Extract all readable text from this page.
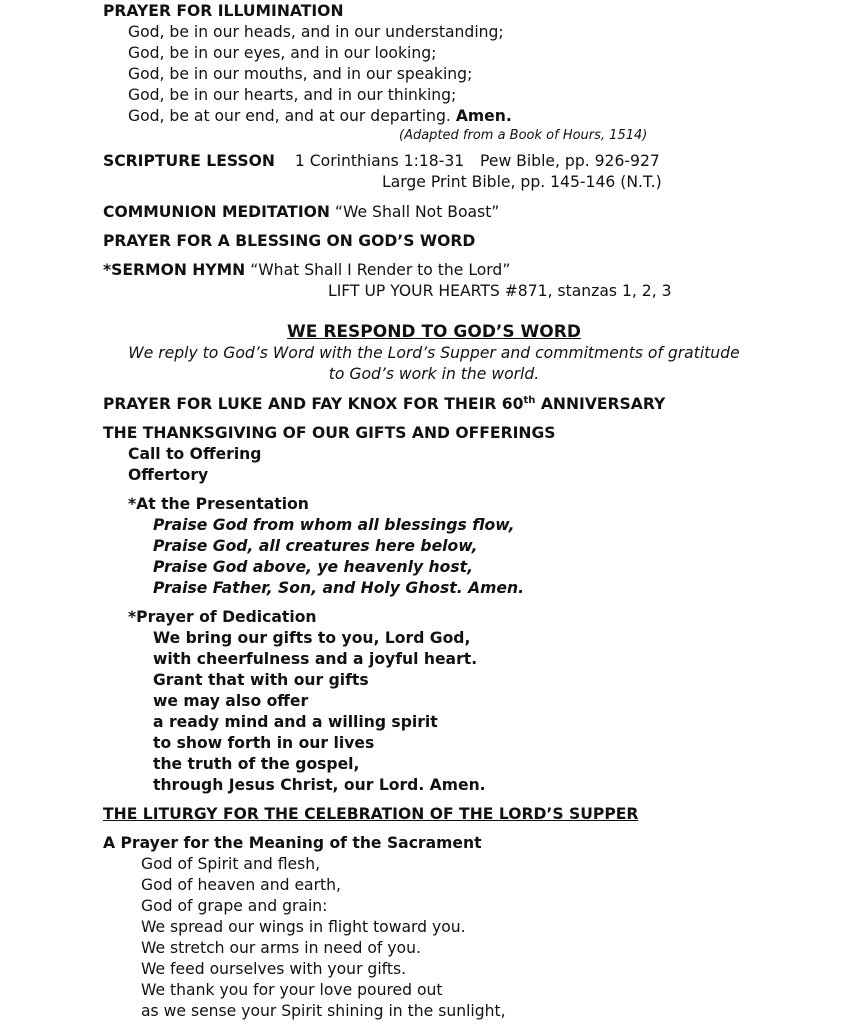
PRAYER FOR ILLUMINATION
God, be in our heads, and in our understanding;
God, be in our eyes, and in our looking;
God, be in our mouths, and in our speaking;
God, be in our hearts, and in our thinking;
God, be at our end, and at our departing. Amen.
(Adapted from a Book of Hours, 1514)
SCRIPTURE LESSON 1 Corinthians 1:18-31 Pew Bible, pp. 926-927
Large Print Bible, pp. 145-146 (N.T.)
COMMUNION MEDITATION “We Shall Not Boast”
PRAYER FOR A BLESSING ON GOD’S WORD
*SERMON HYMN “What Shall I Render to the Lord”
LIFT UP YOUR HEARTS #871, stanzas 1, 2, 3
WE RESPOND TO GOD’S WORD
We reply to God’s Word with the Lord’s Supper and commitments of gratitude
to God’s work in the world.
PRAYER FOR LUKE AND FAY KNOX FOR THEIR 60th ANNIVERSARY
THE THANKSGIVING OF OUR GIFTS AND OFFERINGS
Call to Offering
Offertory
*At the Presentation
Praise God from whom all blessings flow,
Praise God, all creatures here below,
Praise God above, ye heavenly host,
Praise Father, Son, and Holy Ghost. Amen.
*Prayer of Dedication
We bring our gifts to you, Lord God,
with cheerfulness and a joyful heart.
Grant that with our gifts
we may also offer
a ready mind and a willing spirit
to show forth in our lives
the truth of the gospel,
through Jesus Christ, our Lord. Amen.
THE LITURGY FOR THE CELEBRATION OF THE LORD’S SUPPER
A Prayer for the Meaning of the Sacrament
God of Spirit and flesh,
God of heaven and earth,
God of grape and grain:
We spread our wings in flight toward you.
We stretch our arms in need of you.
We feed ourselves with your gifts.
We thank you for your love poured out
as we sense your Spirit shining in the sunlight,
